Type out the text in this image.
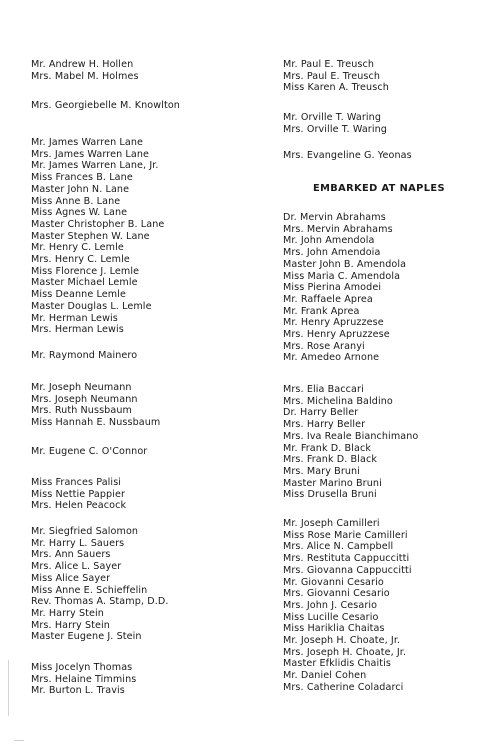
Mr. Andrew H. Hollen
Mrs. Mabel M. Holmes
Mrs. Georgiebelle M. Knowlton
Mr. James Warren Lane
Mrs. James Warren Lane
Mr. James Warren Lane, Jr.
Miss Frances B. Lane
Master John N. Lane
Miss Anne B. Lane
Miss Agnes W. Lane
Master Christopher B. Lane
Master Stephen W. Lane
Mr. Henry C. Lemle
Mrs. Henry C. Lemle
Miss Florence J. Lemle
Master Michael Lemle
Miss Deanne Lemle
Master Douglas L. Lemle
Mr. Herman Lewis
Mrs. Herman Lewis
Mr. Raymond Mainero
Mr. Joseph Neumann
Mrs. Joseph Neumann
Mrs. Ruth Nussbaum
Miss Hannah E. Nussbaum
Mr. Eugene C. O'Connor
Miss Frances Palisi
Miss Nettie Pappier
Mrs. Helen Peacock
Mr. Siegfried Salomon
Mr. Harry L. Sauers
Mrs. Ann Sauers
Mrs. Alice L. Sayer
Miss Alice Sayer
Miss Anne E. Schieffelin
Rev. Thomas A. Stamp, D.D.
Mr. Harry Stein
Mrs. Harry Stein
Master Eugene J. Stein
Miss Jocelyn Thomas
Mrs. Helaine Timmins
Mr. Burton L. Travis
Mr. Paul E. Treusch
Mrs. Paul E. Treusch
Miss Karen A. Treusch
Mr. Orville T. Waring
Mrs. Orville T. Waring
Mrs. Evangeline G. Yeonas
EMBARKED AT NAPLES
Dr. Mervin Abrahams
Mrs. Mervin Abrahams
Mr. John Amendola
Mrs. John Amendoia
Master John B. Amendola
Miss Maria C. Amendola
Miss Pierina Amodei
Mr. Raffaele Aprea
Mr. Frank Aprea
Mr. Henry Apruzzese
Mrs. Henry Apruzzese
Mrs. Rose Aranyi
Mr. Amedeo Arnone
Mrs. Elia Baccari
Mrs. Michelina Baldino
Dr. Harry Beller
Mrs. Harry Beller
Mrs. Iva Reale Bianchimano
Mr. Frank D. Black
Mrs. Frank D. Black
Mrs. Mary Bruni
Master Marino Bruni
Miss Drusella Bruni
Mr. Joseph Camilleri
Miss Rose Marie Camilleri
Mrs. Alice N. Campbell
Mrs. Restituta Cappuccitti
Mrs. Giovanna Cappuccitti
Mr. Giovanni Cesario
Mrs. Giovanni Cesario
Mrs. John J. Cesario
Miss Lucille Cesario
Miss Hariklia Chaitas
Mr. Joseph H. Choate, Jr.
Mrs. Joseph H. Choate, Jr.
Master Efklidis Chaitis
Mr. Daniel Cohen
Mrs. Catherine Coladarci
